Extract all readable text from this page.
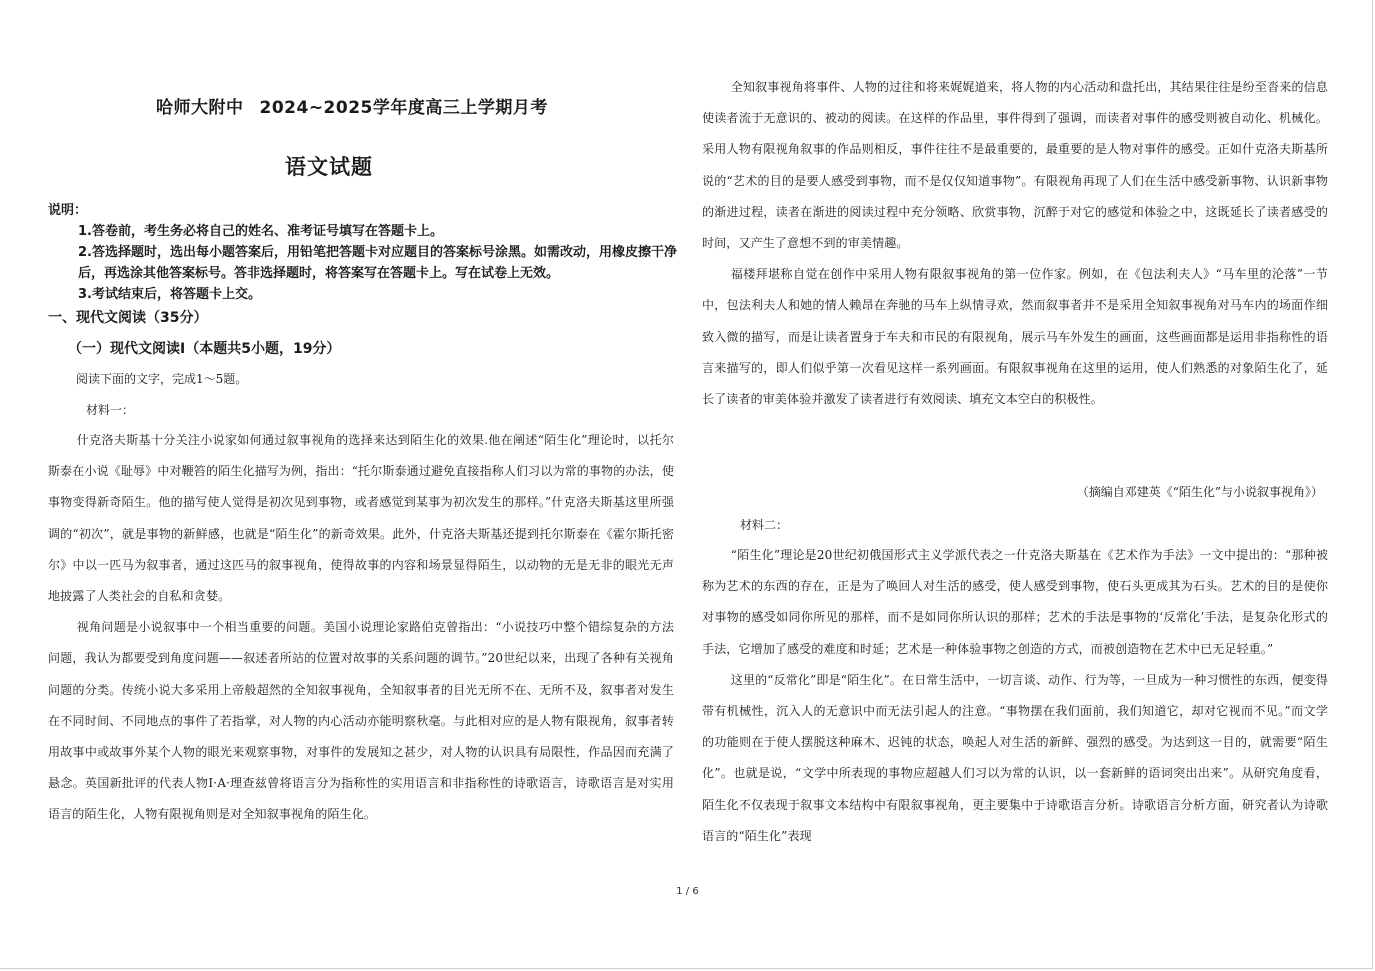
哈师大附中 2024~2025学年度高三上学期月考
语文试题
说明：
1.答卷前，考生务必将自己的姓名、准考证号填写在答题卡上。
2.答选择题时，选出每小题答案后，用铅笔把答题卡对应题目的答案标号涂黑。如需改动，用橡皮擦干净后，再选涂其他答案标号。答非选择题时，将答案写在答题卡上。写在试卷上无效。
3.考试结束后，将答题卡上交。
一、现代文阅读（35分）
（一）现代文阅读Ⅰ（本题共5小题，19分）
阅读下面的文字，完成1～5题。
材料一：

什克洛夫斯基十分关注小说家如何通过叙事视角的选择来达到陌生化的效果.他在阐述“陌生化”理论时，以托尔斯泰在小说《耻辱》中对鞭笞的陌生化描写为例，指出：“托尔斯泰通过避免直接指称人们习以为常的事物的办法，使事物变得新奇陌生。他的描写使人觉得是初次见到事物，或者感觉到某事为初次发生的那样。”什克洛夫斯基这里所强调的“初次”，就是事物的新鲜感，也就是“陌生化”的新奇效果。此外，什克洛夫斯基还提到托尔斯泰在《霍尔斯托密尔》中以一匹马为叙事者，通过这匹马的叙事视角，使得故事的内容和场景显得陌生，以动物的无是无非的眼光无声地披露了人类社会的自私和贪婪。

视角问题是小说叙事中一个相当重要的问题。美国小说理论家路伯克曾指出：“小说技巧中整个错综复杂的方法问题，我认为都要受到角度问题——叙述者所站的位置对故事的关系问题的调节。”20世纪以来，出现了各种有关视角问题的分类。传统小说大多采用上帝般超然的全知叙事视角，全知叙事者的目光无所不在、无所不及，叙事者对发生在不同时间、不同地点的事件了若指掌，对人物的内心活动亦能明察秋毫。与此相对应的是人物有限视角，叙事者转用故事中或故事外某个人物的眼光来观察事物，对事件的发展知之甚少，对人物的认识具有局限性，作品因而充满了悬念。英国新批评的代表人物I·A·理查兹曾将语言分为指称性的实用语言和非指称性的诗歌语言，诗歌语言是对实用语言的陌生化，人物有限视角则是对全知叙事视角的陌生化。

全知叙事视角将事件、人物的过往和将来娓娓道来，将人物的内心活动和盘托出，其结果往往是纷至沓来的信息使读者流于无意识的、被动的阅读。在这样的作品里，事件得到了强调，而读者对事件的感受则被自动化、机械化。采用人物有限视角叙事的作品则相反，事件往往不是最重要的，最重要的是人物对事件的感受。正如什克洛夫斯基所说的“艺术的目的是要人感受到事物，而不是仅仅知道事物”。有限视角再现了人们在生活中感受新事物、认识新事物的渐进过程，读者在渐进的阅读过程中充分领略、欣赏事物，沉醉于对它的感觉和体验之中，这既延长了读者感受的时间，又产生了意想不到的审美情趣。

福楼拜堪称自觉在创作中采用人物有限叙事视角的第一位作家。例如，在《包法利夫人》“马车里的沦落”一节中，包法利夫人和她的情人赖昂在奔驰的马车上纵情寻欢，然而叙事者并不是采用全知叙事视角对马车内的场面作细致入微的描写，而是让读者置身于车夫和市民的有限视角，展示马车外发生的画面，这些画面都是运用非指称性的语言来描写的，即人们似乎第一次看见这样一系列画面。有限叙事视角在这里的运用，使人们熟悉的对象陌生化了，延长了读者的审美体验并激发了读者进行有效阅读、填充文本空白的积极性。

（摘编自邓建英《“陌生化”与小说叙事视角》）
材料二：

“陌生化”理论是20世纪初俄国形式主义学派代表之一什克洛夫斯基在《艺术作为手法》一文中提出的：“那种被称为艺术的东西的存在，正是为了唤回人对生活的感受，使人感受到事物，使石头更成其为石头。艺术的目的是使你对事物的感受如同你所见的那样，而不是如同你所认识的那样；艺术的手法是事物的‘反常化’手法，是复杂化形式的手法，它增加了感受的难度和时延；艺术是一种体验事物之创造的方式，而被创造物在艺术中已无足轻重。”

这里的“反常化”即是“陌生化”。在日常生活中，一切言谈、动作、行为等，一旦成为一种习惯性的东西，便变得带有机械性，沉入人的无意识中而无法引起人的注意。“事物摆在我们面前，我们知道它，却对它视而不见。”而文学的功能则在于使人摆脱这种麻木、迟钝的状态，唤起人对生活的新鲜、强烈的感受。为达到这一目的，就需要“陌生化”。也就是说，“文学中所表现的事物应超越人们习以为常的认识，以一套新鲜的语词突出出来”。从研究角度看，陌生化不仅表现于叙事文本结构中有限叙事视角，更主要集中于诗歌语言分析。诗歌语言分析方面，研究者认为诗歌语言的“陌生化”表现

1 / 6
